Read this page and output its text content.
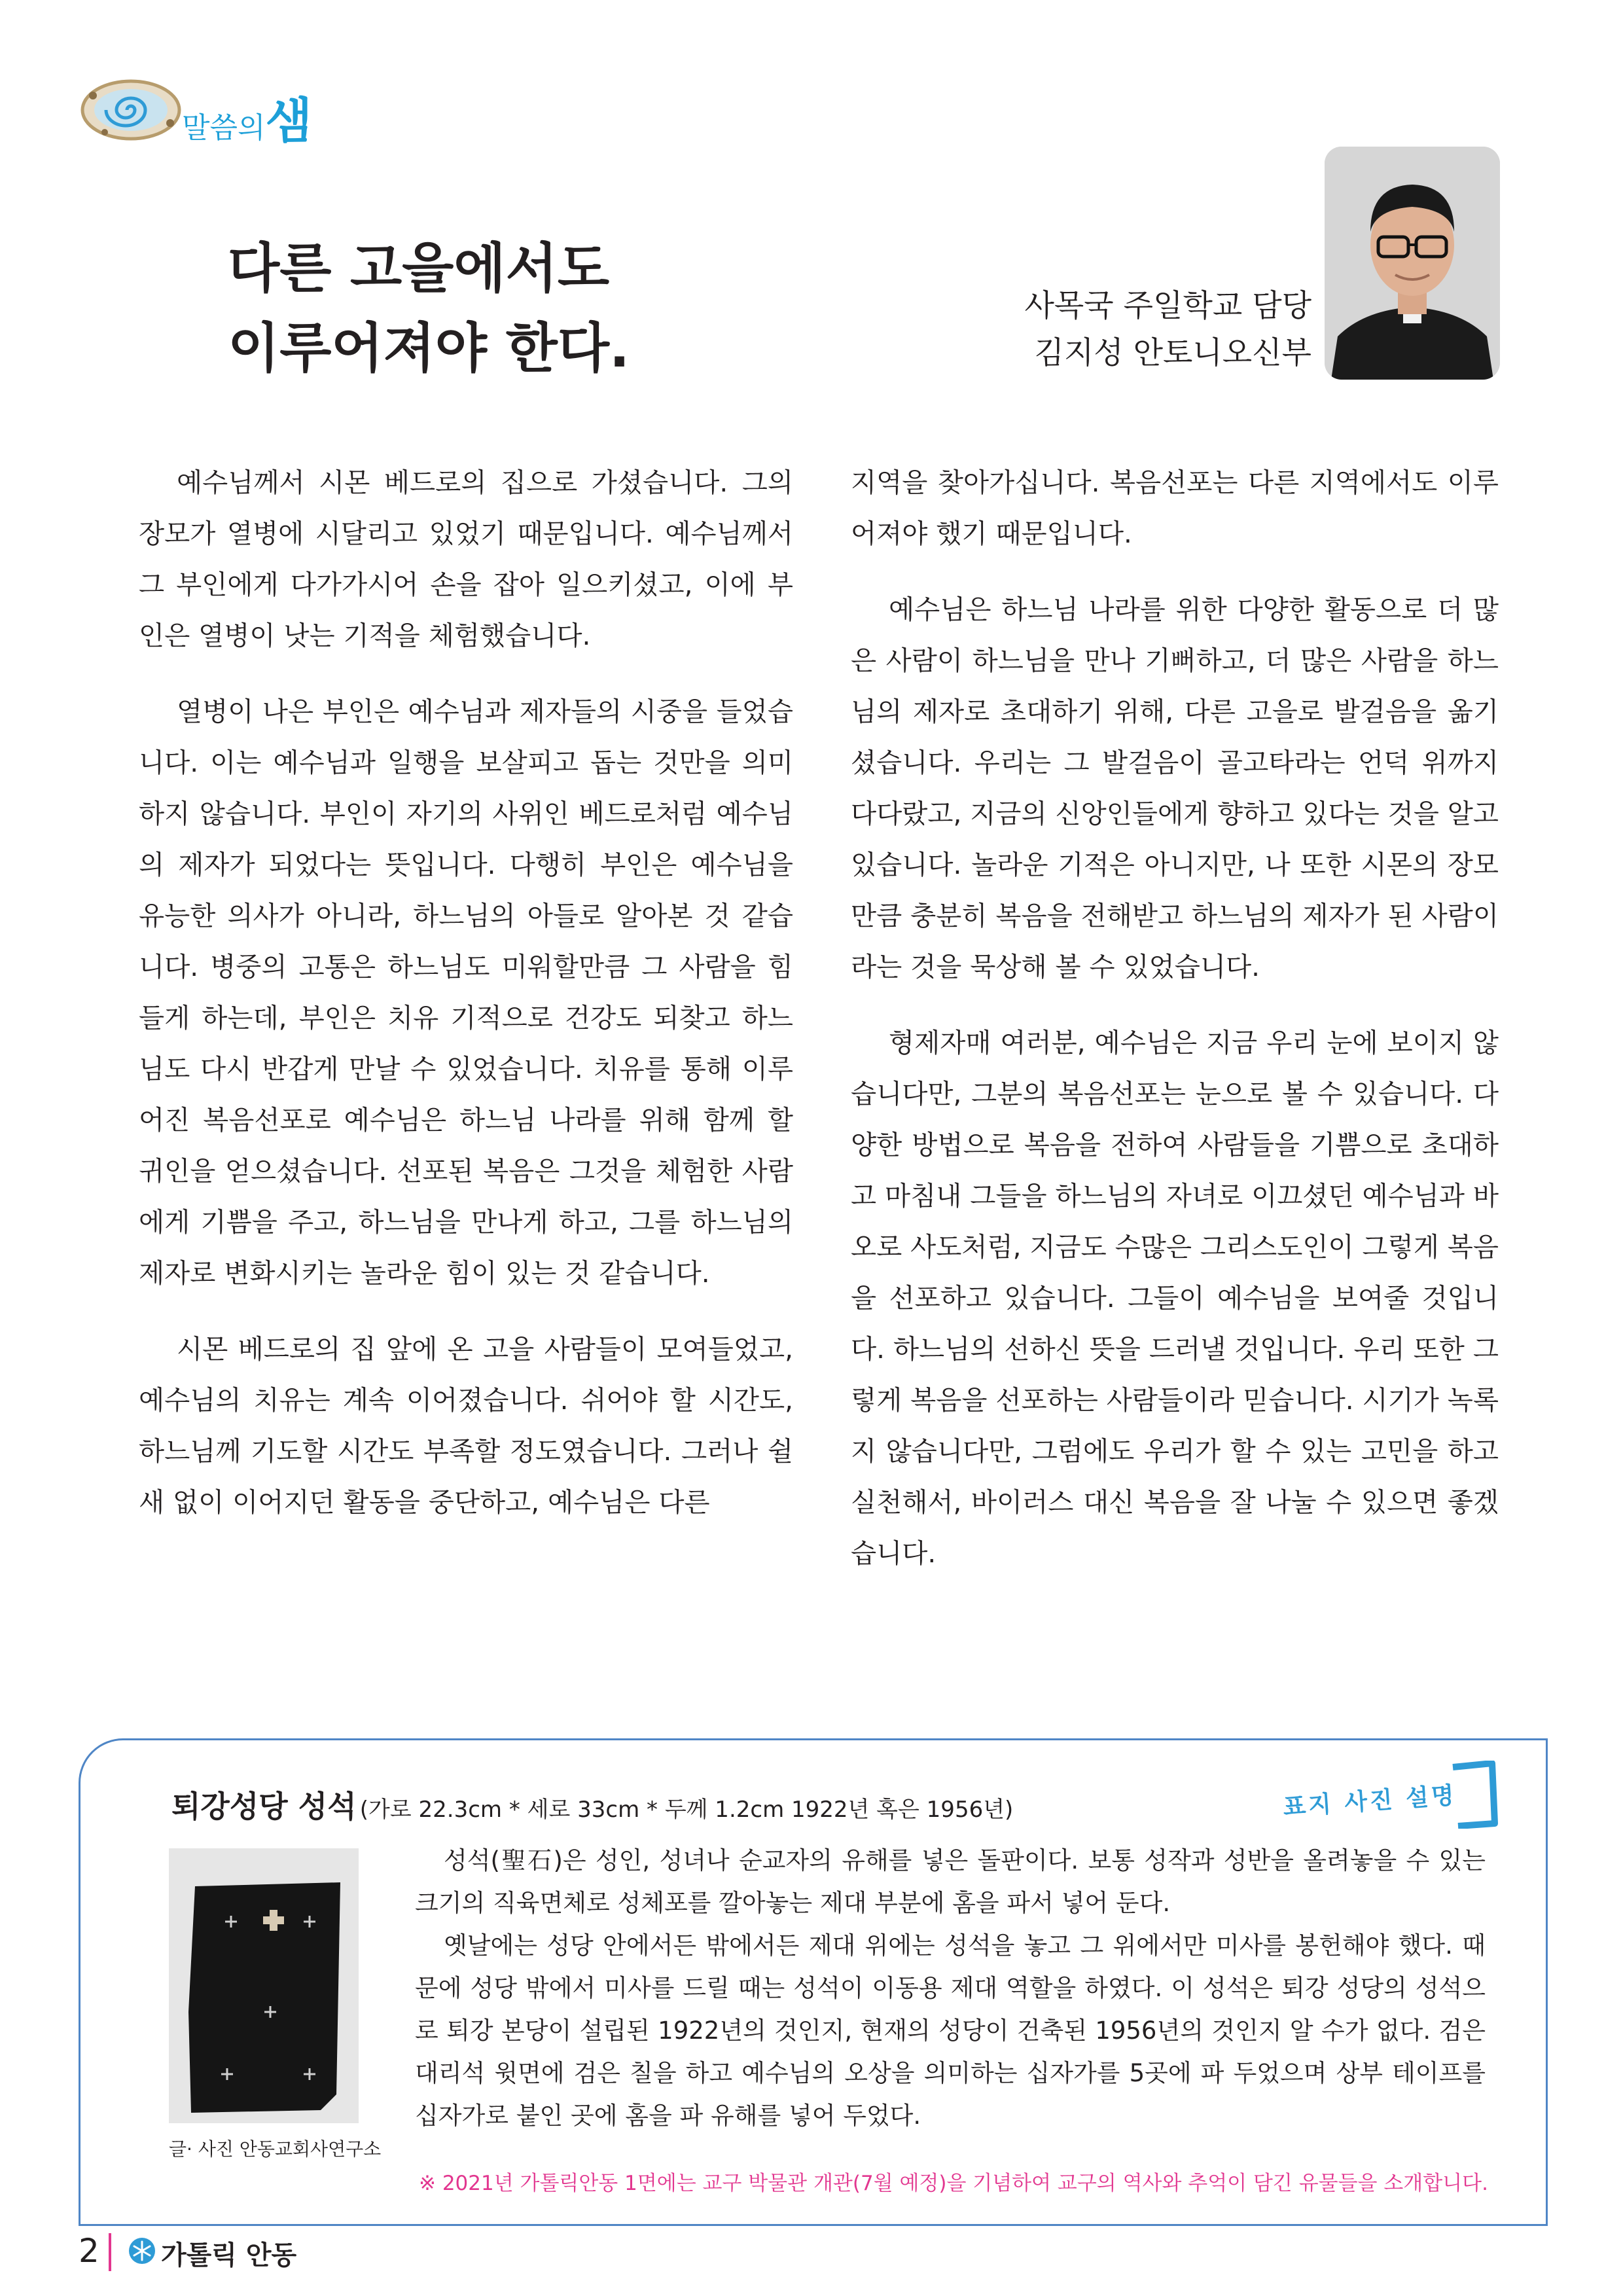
말씀의샘
다른 고을에서도
이루어져야 한다.
사목국 주일학교 담당
김지성 안토니오신부

예수님께서 시몬 베드로의 집으로 가셨습니다. 그의 장모가 열병에 시달리고 있었기 때문입니다. 예수님께서 그 부인에게 다가가시어 손을 잡아 일으키셨고, 이에 부인은 열병이 낫는 기적을 체험했습니다.

열병이 나은 부인은 예수님과 제자들의 시중을 들었습니다. 이는 예수님과 일행을 보살피고 돕는 것만을 의미하지 않습니다. 부인이 자기의 사위인 베드로처럼 예수님의 제자가 되었다는 뜻입니다. 다행히 부인은 예수님을 유능한 의사가 아니라, 하느님의 아들로 알아본 것 같습니다. 병중의 고통은 하느님도 미워할만큼 그 사람을 힘들게 하는데, 부인은 치유 기적으로 건강도 되찾고 하느님도 다시 반갑게 만날 수 있었습니다. 치유를 통해 이루어진 복음선포로 예수님은 하느님 나라를 위해 함께 할 귀인을 얻으셨습니다. 선포된 복음은 그것을 체험한 사람에게 기쁨을 주고, 하느님을 만나게 하고, 그를 하느님의 제자로 변화시키는 놀라운 힘이 있는 것 같습니다.

시몬 베드로의 집 앞에 온 고을 사람들이 모여들었고, 예수님의 치유는 계속 이어졌습니다. 쉬어야 할 시간도, 하느님께 기도할 시간도 부족할 정도였습니다. 그러나 쉴 새 없이 이어지던 활동을 중단하고, 예수님은 다른

지역을 찾아가십니다. 복음선포는 다른 지역에서도 이루어져야 했기 때문입니다.

예수님은 하느님 나라를 위한 다양한 활동으로 더 많은 사람이 하느님을 만나 기뻐하고, 더 많은 사람을 하느님의 제자로 초대하기 위해, 다른 고을로 발걸음을 옮기셨습니다. 우리는 그 발걸음이 골고타라는 언덕 위까지 다다랐고, 지금의 신앙인들에게 향하고 있다는 것을 알고 있습니다. 놀라운 기적은 아니지만, 나 또한 시몬의 장모만큼 충분히 복음을 전해받고 하느님의 제자가 된 사람이라는 것을 묵상해 볼 수 있었습니다.

형제자매 여러분, 예수님은 지금 우리 눈에 보이지 않습니다만, 그분의 복음선포는 눈으로 볼 수 있습니다. 다양한 방법으로 복음을 전하여 사람들을 기쁨으로 초대하고 마침내 그들을 하느님의 자녀로 이끄셨던 예수님과 바오로 사도처럼, 지금도 수많은 그리스도인이 그렇게 복음을 선포하고 있습니다. 그들이 예수님을 보여줄 것입니다. 하느님의 선하신 뜻을 드러낼 것입니다. 우리 또한 그렇게 복음을 선포하는 사람들이라 믿습니다. 시기가 녹록지 않습니다만, 그럼에도 우리가 할 수 있는 고민을 하고 실천해서, 바이러스 대신 복음을 잘 나눌 수 있으면 좋겠습니다.

퇴강성당 성석 (가로 22.3cm * 세로 33cm * 두께 1.2cm 1922년 혹은 1956년)	표지 사진 설명
글· 사진 안동교회사연구소

성석(聖石)은 성인, 성녀나 순교자의 유해를 넣은 돌판이다. 보통 성작과 성반을 올려놓을 수 있는 크기의 직육면체로 성체포를 깔아놓는 제대 부분에 홈을 파서 넣어 둔다.

옛날에는 성당 안에서든 밖에서든 제대 위에는 성석을 놓고 그 위에서만 미사를 봉헌해야 했다. 때문에 성당 밖에서 미사를 드릴 때는 성석이 이동용 제대 역할을 하였다. 이 성석은 퇴강 성당의 성석으로 퇴강 본당이 설립된 1922년의 것인지, 현재의 성당이 건축된 1956년의 것인지 알 수가 없다. 검은 대리석 윗면에 검은 칠을 하고 예수님의 오상을 의미하는 십자가를 5곳에 파 두었으며 상부 테이프를 십자가로 붙인 곳에 홈을 파 유해를 넣어 두었다.

※ 2021년 가톨릭안동 1면에는 교구 박물관 개관(7월 예정)을 기념하여 교구의 역사와 추억이 담긴 유물들을 소개합니다.
2 가톨릭 안동
